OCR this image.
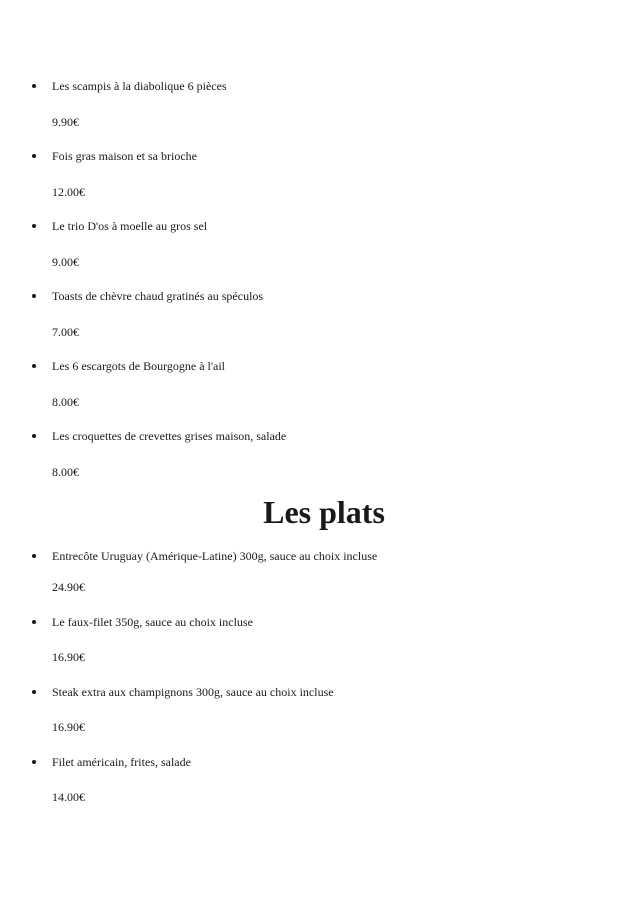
Les scampis à la diabolique 6 pièces
9.90€
Fois gras maison et sa brioche
12.00€
Le trio D'os à moelle au gros sel
9.00€
Toasts de chèvre chaud gratinés au spéculos
7.00€
Les 6 escargots de Bourgogne à l'ail
8.00€
Les croquettes de crevettes grises maison, salade
8.00€
Les plats
Entrecôte Uruguay (Amérique-Latine) 300g, sauce au choix incluse
24.90€
Le faux-filet 350g, sauce au choix incluse
16.90€
Steak extra aux champignons 300g, sauce au choix incluse
16.90€
Filet américain, frites, salade
14.00€
